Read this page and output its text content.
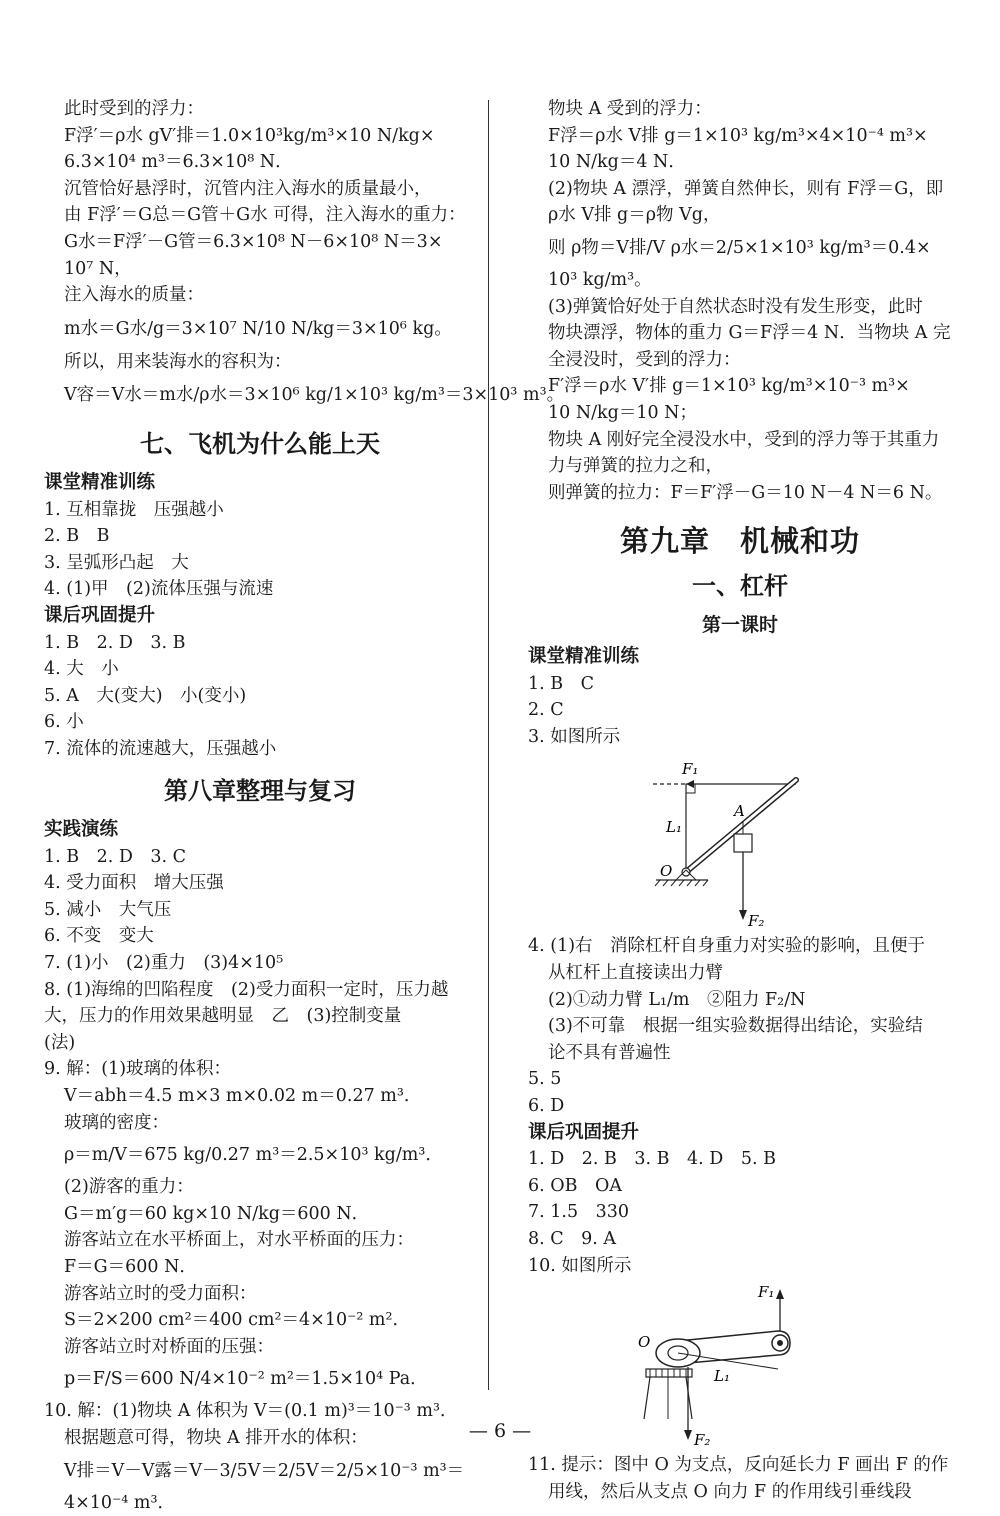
此时受到的浮力：
F浮′＝ρ水 gV′排＝1.0×10³kg/m³×10 N/kg×
6.3×10⁴ m³＝6.3×10⁸ N．
沉管恰好悬浮时，沉管内注入海水的质量最小，
由 F浮′＝G总＝G管＋G水 可得，注入海水的重力：
G水＝F浮′－G管＝6.3×10⁸ N－6×10⁸ N＝3×
10⁷ N，
注入海水的质量：
m水＝G水/g＝3×10⁷ N/10 N/kg＝3×10⁶ kg。
所以，用来装海水的容积为：
V容＝V水＝m水/ρ水＝3×10⁶ kg/1×10³ kg/m³＝3×10³ m³。
七、飞机为什么能上天
课堂精准训练
1. 互相靠拢　压强越小
2. B　B
3. 呈弧形凸起　大
4. (1)甲　(2)流体压强与流速
课后巩固提升
1. B　2. D　3. B
4. 大　小
5. A　大(变大)　小(变小)
6. 小
7. 流体的流速越大，压强越小
第八章整理与复习
实践演练
1. B　2. D　3. C
4. 受力面积　增大压强
5. 减小　大气压
6. 不变　变大
7. (1)小　(2)重力　(3)4×10⁵
8. (1)海绵的凹陷程度　(2)受力面积一定时，压力越
大，压力的作用效果越明显　乙　(3)控制变量
(法)
9. 解：(1)玻璃的体积：
V＝abh＝4.5 m×3 m×0.02 m＝0.27 m³．
玻璃的密度：
ρ＝m/V＝675 kg/0.27 m³＝2.5×10³ kg/m³．
(2)游客的重力：
G＝m′g＝60 kg×10 N/kg＝600 N．
游客站立在水平桥面上，对水平桥面的压力：
F＝G＝600 N．
游客站立时的受力面积：
S＝2×200 cm²＝400 cm²＝4×10⁻² m²．
游客站立时对桥面的压强：
p＝F/S＝600 N/4×10⁻² m²＝1.5×10⁴ Pa．
10. 解：(1)物块 A 体积为 V＝(0.1 m)³＝10⁻³ m³．
根据题意可得，物块 A 排开水的体积：
V排＝V－V露＝V－3/5V＝2/5V＝2/5×10⁻³ m³＝
4×10⁻⁴ m³．
物块 A 受到的浮力：
F浮＝ρ水 V排 g＝1×10³ kg/m³×4×10⁻⁴ m³×
10 N/kg＝4 N．
(2)物块 A 漂浮，弹簧自然伸长，则有 F浮＝G，即
ρ水 V排 g＝ρ物 Vg，
则 ρ物＝V排/V ρ水＝2/5×1×10³ kg/m³＝0.4×
10³ kg/m³。
(3)弹簧恰好处于自然状态时没有发生形变，此时
物块漂浮，物体的重力 G＝F浮＝4 N．当物块 A 完
全浸没时，受到的浮力：
F′浮＝ρ水 V′排 g＝1×10³ kg/m³×10⁻³ m³×
10 N/kg＝10 N；
物块 A 刚好完全浸没水中，受到的浮力等于其重力
力与弹簧的拉力之和，
则弹簧的拉力：F＝F′浮－G＝10 N－4 N＝6 N。
第九章　机械和功
一、杠杆
第一课时
课堂精准训练
1. B　C
2. C
3. 如图所示
F₁
L₁
A
F₂
O
4. (1)右　消除杠杆自身重力对实验的影响，且便于
从杠杆上直接读出力臂
(2)①动力臂 L₁/m　②阻力 F₂/N
(3)不可靠　根据一组实验数据得出结论，实验结
论不具有普遍性
5. 5
6. D
课后巩固提升
1. D　2. B　3. B　4. D　5. B
6. OB　OA
7. 1.5　330
8. C　9. A
10. 如图所示
F₁
O
L₁
F₂
11. 提示：图中 O 为支点，反向延长力 F 画出 F 的作
用线，然后从支点 O 向力 F 的作用线引垂线段
— 6 —
